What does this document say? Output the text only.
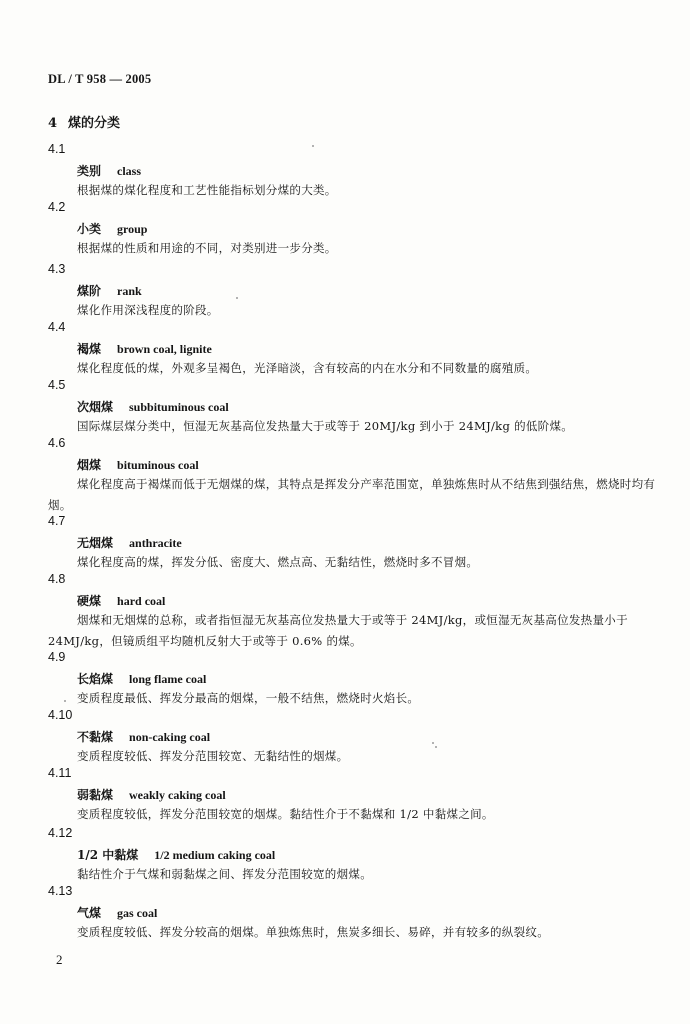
DL / T 958 — 2005
4 煤的分类
4.1
类别 class
根据煤的煤化程度和工艺性能指标划分煤的大类。
4.2
小类 group
根据煤的性质和用途的不同，对类别进一步分类。
4.3
煤阶 rank
煤化作用深浅程度的阶段。
4.4
褐煤 brown coal, lignite
煤化程度低的煤，外观多呈褐色，光泽暗淡，含有较高的内在水分和不同数量的腐殖质。
4.5
次烟煤 subbituminous coal
国际煤层煤分类中，恒湿无灰基高位发热量大于或等于 20MJ/kg 到小于 24MJ/kg 的低阶煤。
4.6
烟煤 bituminous coal
煤化程度高于褐煤而低于无烟煤的煤，其特点是挥发分产率范围宽，单独炼焦时从不结焦到强结焦，燃烧时均有烟。
4.7
无烟煤 anthracite
煤化程度高的煤，挥发分低、密度大、燃点高、无黏结性，燃烧时多不冒烟。
4.8
硬煤 hard coal
烟煤和无烟煤的总称，或者指恒湿无灰基高位发热量大于或等于 24MJ/kg，或恒湿无灰基高位发热量小于 24MJ/kg，但镜质组平均随机反射大于或等于 0.6% 的煤。
4.9
长焰煤 long flame coal
变质程度最低、挥发分最高的烟煤，一般不结焦，燃烧时火焰长。
4.10
不黏煤 non-caking coal
变质程度较低、挥发分范围较宽、无黏结性的烟煤。
4.11
弱黏煤 weakly caking coal
变质程度较低，挥发分范围较宽的烟煤。黏结性介于不黏煤和 1/2 中黏煤之间。
4.12
1/2 中黏煤 1/2 medium caking coal
黏结性介于气煤和弱黏煤之间、挥发分范围较宽的烟煤。
4.13
气煤 gas coal
变质程度较低、挥发分较高的烟煤。单独炼焦时，焦炭多细长、易碎，并有较多的纵裂纹。
2
